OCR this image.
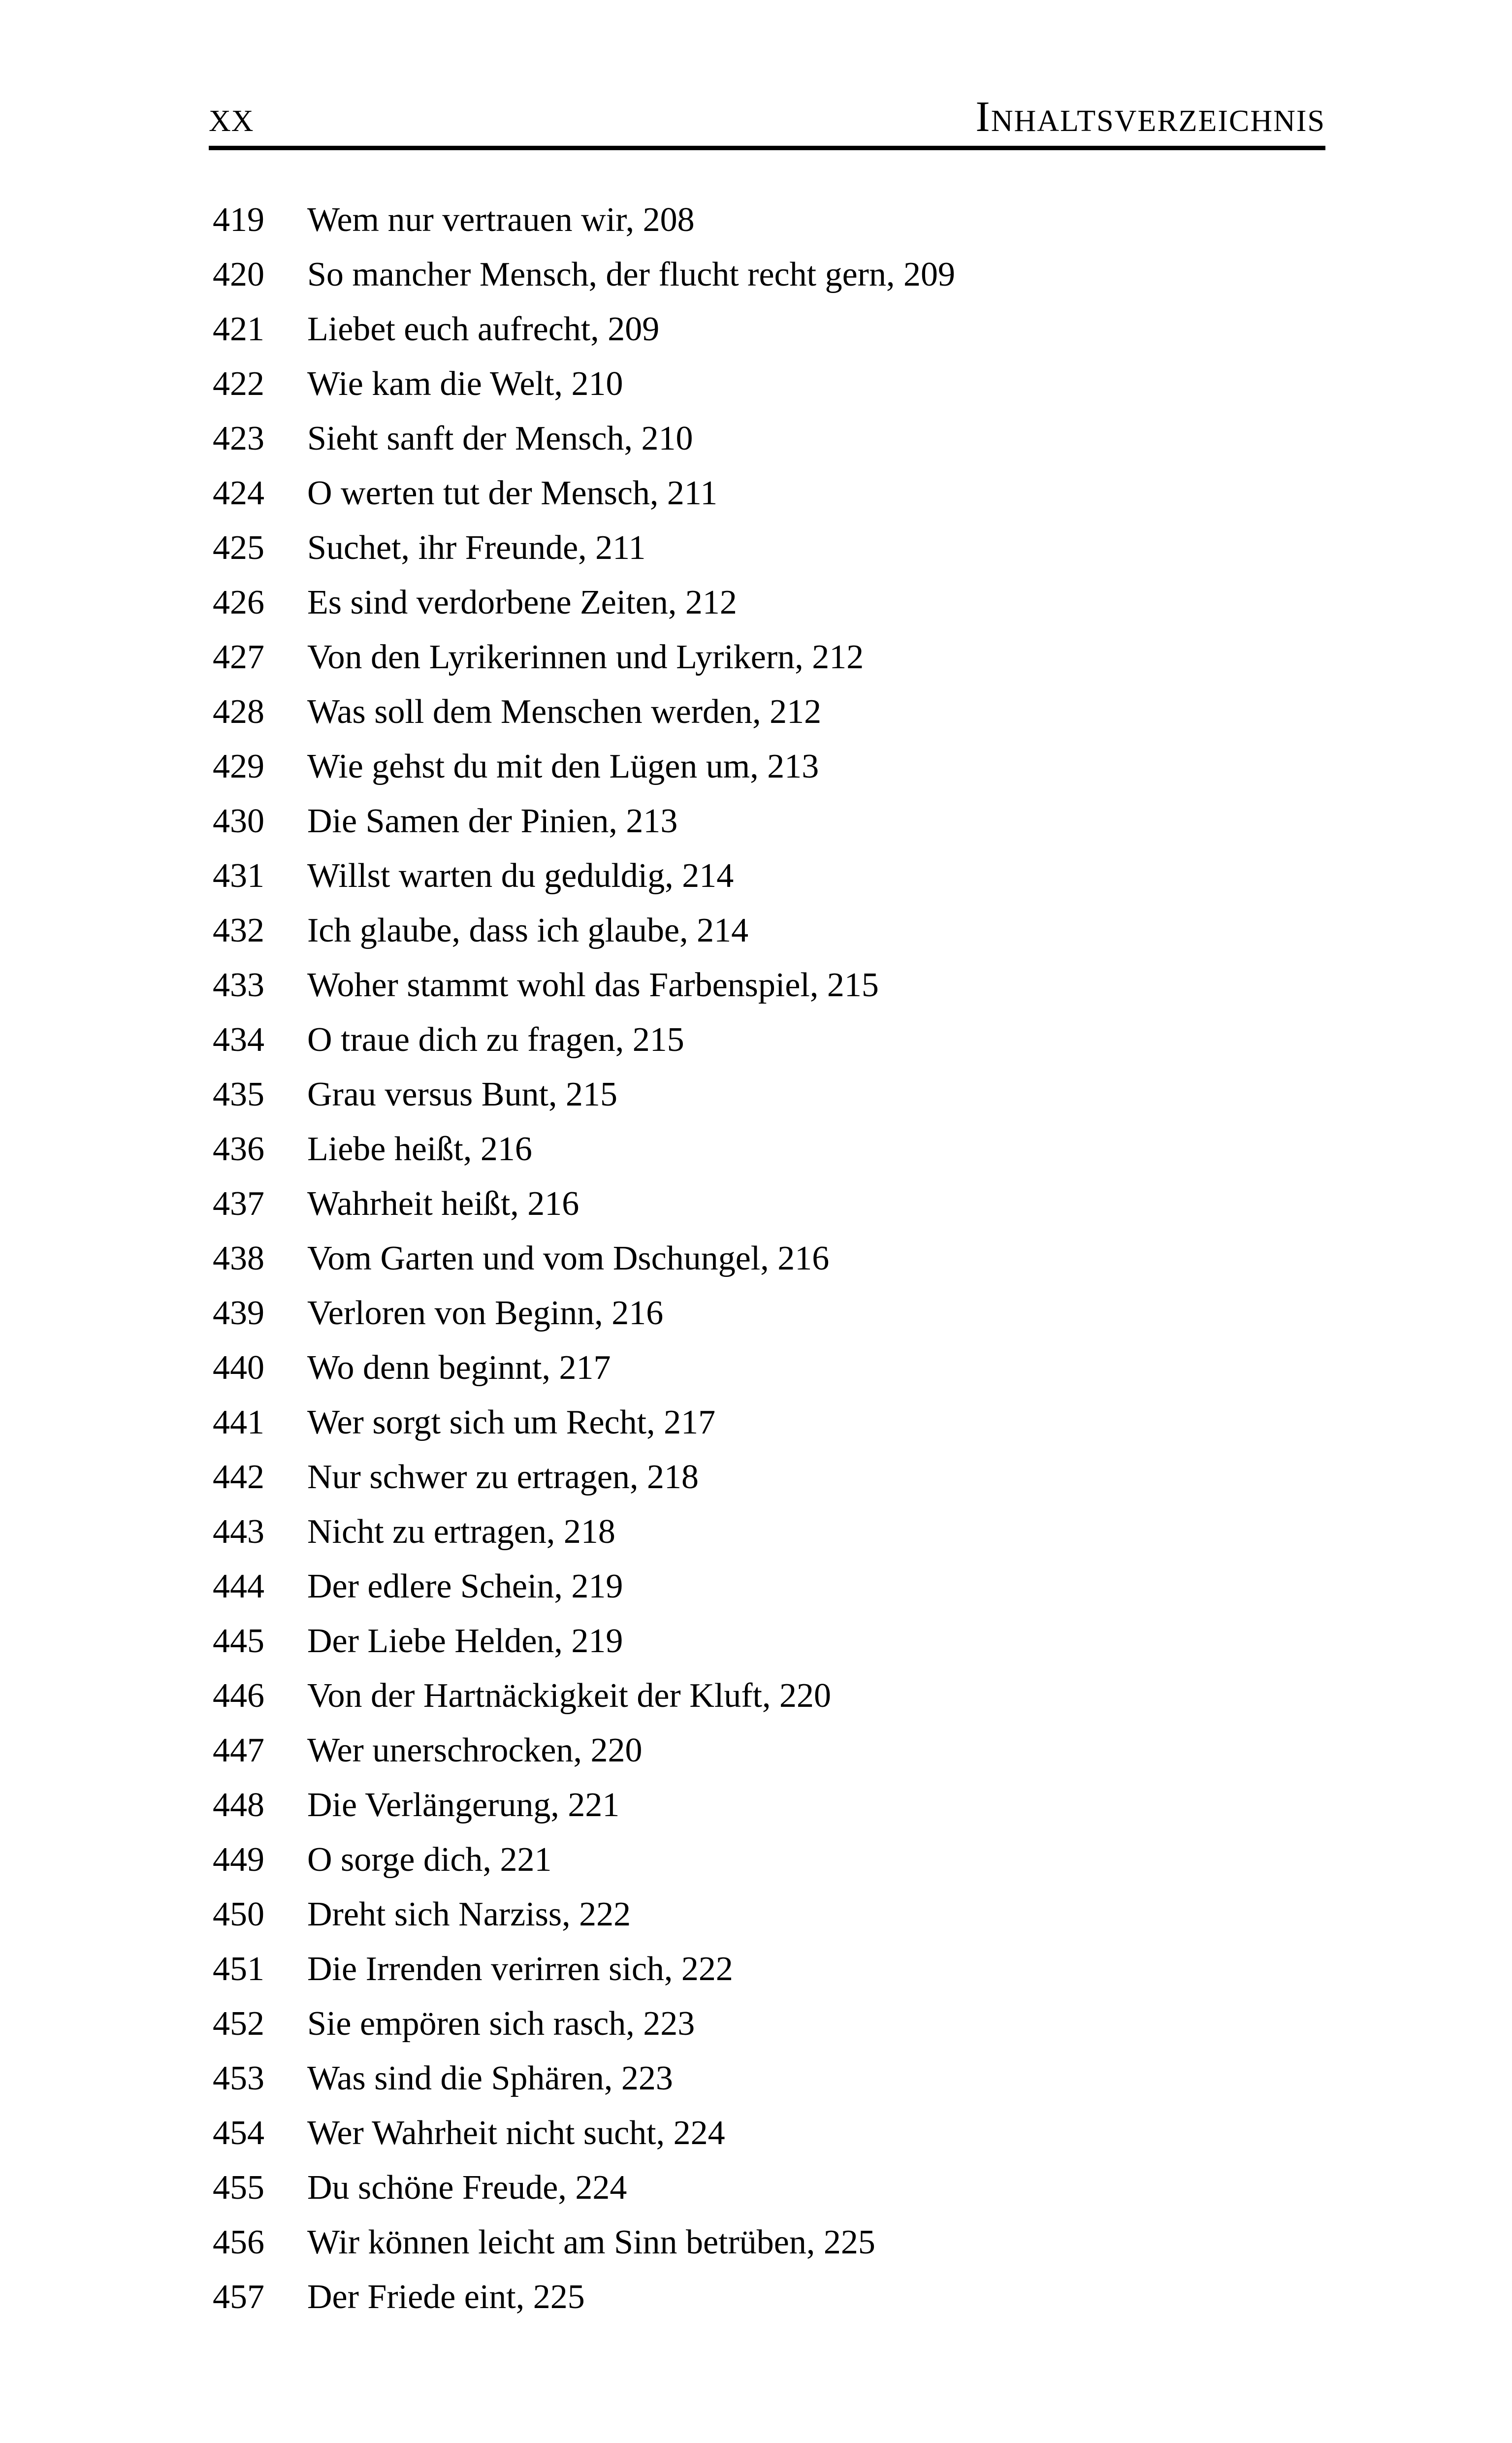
xx	Inhaltsverzeichnis
419 Wem nur vertrauen wir , 208
420 So mancher Mensch, der flucht recht gern , 209
421 Liebet euch aufrecht , 209
422 Wie kam die Welt , 210
423 Sieht sanft der Mensch , 210
424 O werten tut der Mensch , 211
425 Suchet, ihr Freunde , 211
426 Es sind verdorbene Zeiten , 212
427 Von den Lyrikerinnen und Lyrikern , 212
428 Was soll dem Menschen werden , 212
429 Wie gehst du mit den Lügen um , 213
430 Die Samen der Pinien , 213
431 Willst warten du geduldig , 214
432 Ich glaube, dass ich glaube , 214
433 Woher stammt wohl das Farbenspiel , 215
434 O traue dich zu fragen , 215
435 Grau versus Bunt , 215
436 Liebe heißt , 216
437 Wahrheit heißt , 216
438 Vom Garten und vom Dschungel , 216
439 Verloren von Beginn , 216
440 Wo denn beginnt , 217
441 Wer sorgt sich um Recht , 217
442 Nur schwer zu ertragen , 218
443 Nicht zu ertragen , 218
444 Der edlere Schein , 219
445 Der Liebe Helden , 219
446 Von der Hartnäckigkeit der Kluft , 220
447 Wer unerschrocken , 220
448 Die Verlängerung , 221
449 O sorge dich , 221
450 Dreht sich Narziss , 222
451 Die Irrenden verirren sich , 222
452 Sie empören sich rasch , 223
453 Was sind die Sphären , 223
454 Wer Wahrheit nicht sucht , 224
455 Du schöne Freude , 224
456 Wir können leicht am Sinn betrüben , 225
457 Der Friede eint , 225
